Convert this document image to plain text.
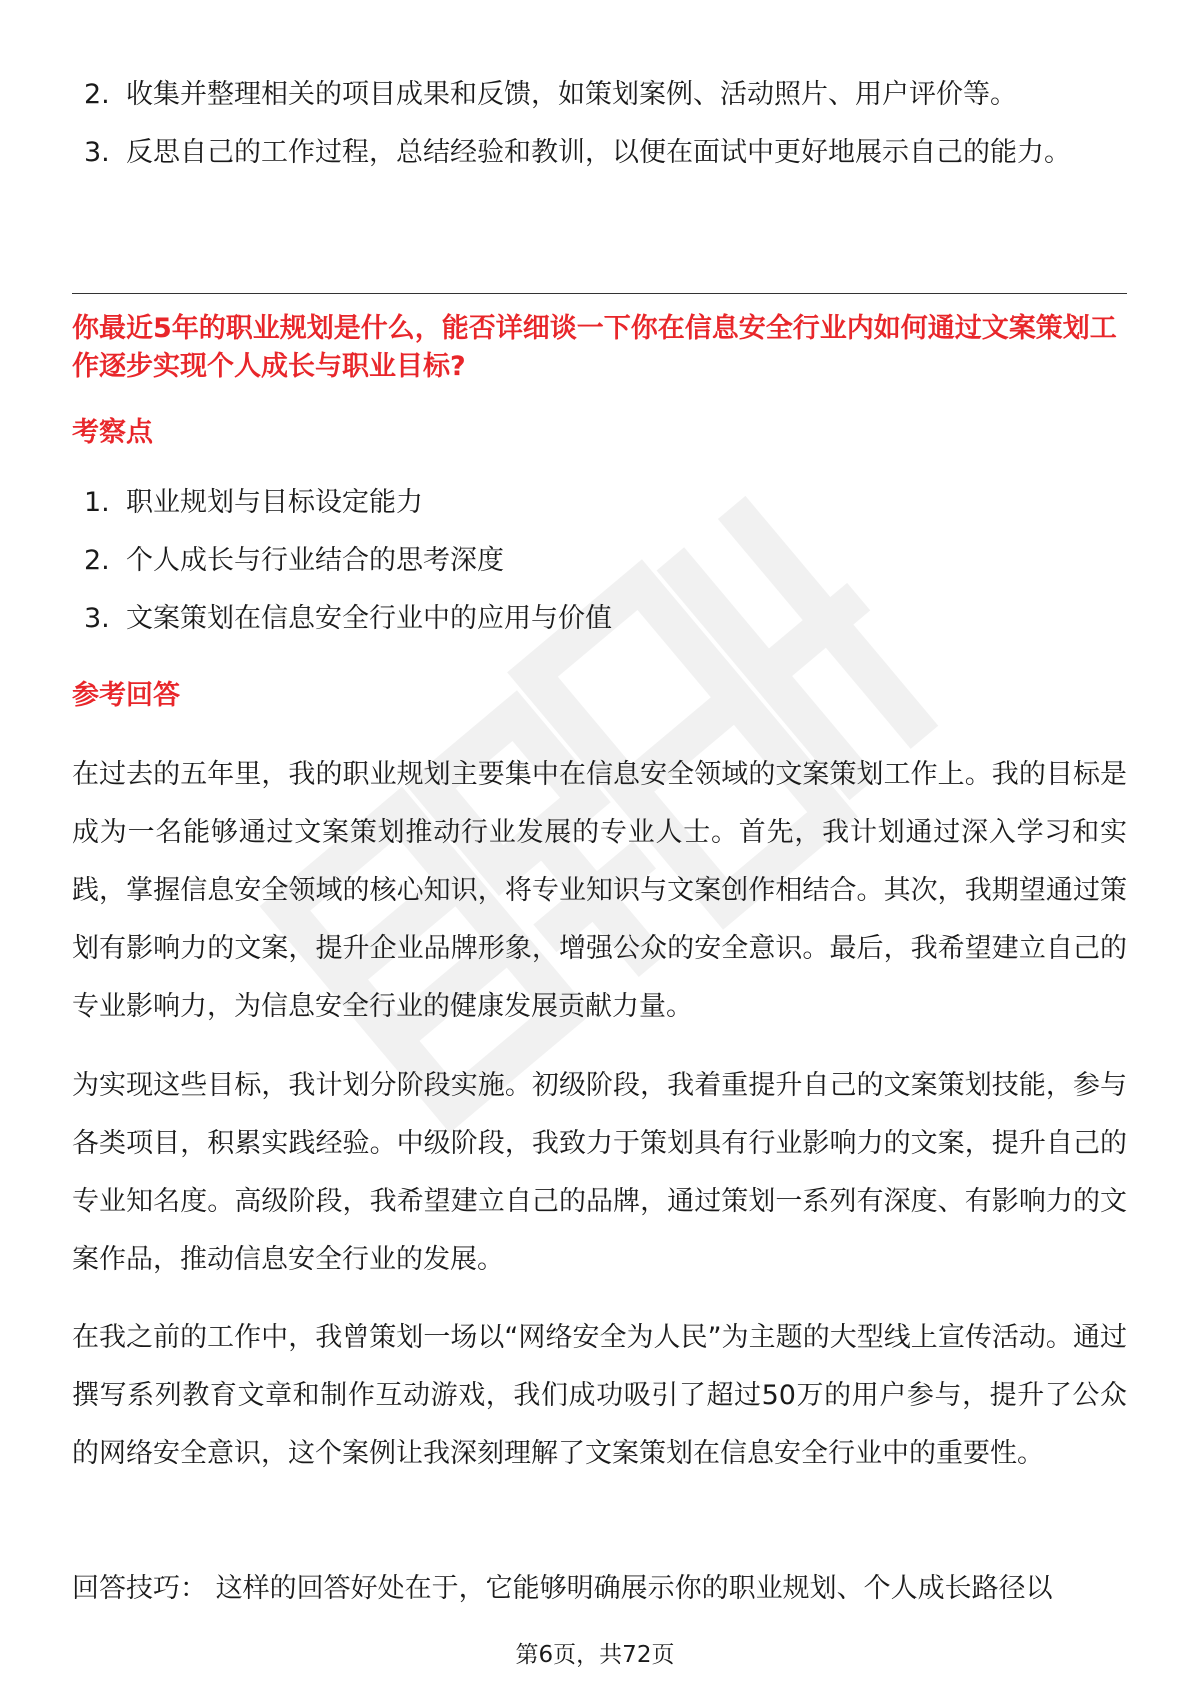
2. 收集并整理相关的项目成果和反馈，如策划案例、活动照片、用户评价等。
3. 反思自己的工作过程，总结经验和教训，以便在面试中更好地展示自己的能力。
你最近5年的职业规划是什么，能否详细谈一下你在信息安全行业内如何通过文案策划工作逐步实现个人成长与职业目标?
考察点
1. 职业规划与目标设定能力
2. 个人成长与行业结合的思考深度
3. 文案策划在信息安全行业中的应用与价值
参考回答

在过去的五年里，我的职业规划主要集中在信息安全领域的文案策划工作上。我的目标是成为一名能够通过文案策划推动行业发展的专业人士。首先，我计划通过深入学习和实践，掌握信息安全领域的核心知识，将专业知识与文案创作相结合。其次，我期望通过策划有影响力的文案，提升企业品牌形象，增强公众的安全意识。最后，我希望建立自己的专业影响力，为信息安全行业的健康发展贡献力量。

为实现这些目标，我计划分阶段实施。初级阶段，我着重提升自己的文案策划技能，参与各类项目，积累实践经验。中级阶段，我致力于策划具有行业影响力的文案，提升自己的专业知名度。高级阶段，我希望建立自己的品牌，通过策划一系列有深度、有影响力的文案作品，推动信息安全行业的发展。

在我之前的工作中，我曾策划一场以“网络安全为人民”为主题的大型线上宣传活动。通过撰写系列教育文章和制作互动游戏，我们成功吸引了超过50万的用户参与，提升了公众的网络安全意识，这个案例让我深刻理解了文案策划在信息安全行业中的重要性。

回答技巧： 这样的回答好处在于，它能够明确展示你的职业规划、个人成长路径以

第6页，共72页
